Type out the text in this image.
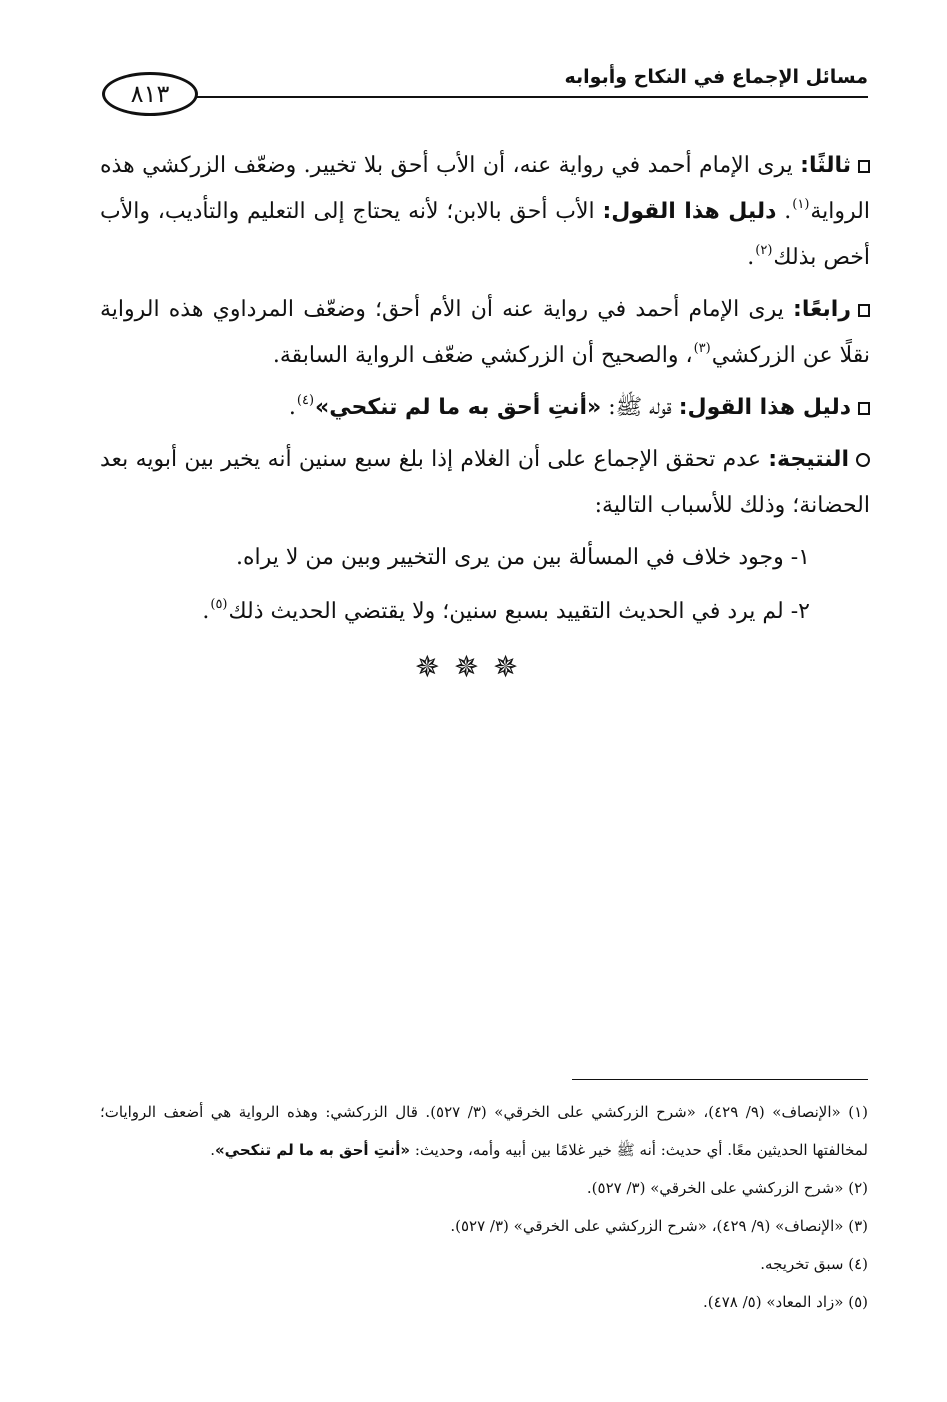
مسائل الإجماع في النكاح وأبوابه
٨١٣

ثالثًا: يرى الإمام أحمد في رواية عنه، أن الأب أحق بلا تخيير. وضعّف الزركشي هذه الرواية$^{(١)}$. دليل هذا القول: الأب أحق بالابن؛ لأنه يحتاج إلى التعليم والتأديب، والأب أخص بذلك$^{(٢)}$.

رابعًا: يرى الإمام أحمد في رواية عنه أن الأم أحق؛ وضعّف المرداوي هذه الرواية نقلًا عن الزركشي$^{(٣)}$، والصحيح أن الزركشي ضعّف الرواية السابقة.

دليل هذا القول: قوله ﷺ: «أنتِ أحق به ما لم تنكحي»$^{(٤)}$.

النتيجة: عدم تحقق الإجماع على أن الغلام إذا بلغ سبع سنين أنه يخير بين أبويه بعد الحضانة؛ وذلك للأسباب التالية:

١- وجود خلاف في المسألة بين من يرى التخيير وبين من لا يراه.

٢- لم يرد في الحديث التقييد بسبع سنين؛ ولا يقتضي الحديث ذلك$^{(٥)}$.

✵✵✵

(١) «الإنصاف» (٩/ ٤٢٩)، «شرح الزركشي على الخرقي» (٣/ ٥٢٧). قال الزركشي: وهذه الرواية هي أضعف الروايات؛ لمخالفتها الحديثين معًا. أي حديث: أنه ﷺ خير غلامًا بين أبيه وأمه، وحديث: «أنتِ أحق به ما لم تنكحي».

(٢) «شرح الزركشي على الخرقي» (٣/ ٥٢٧).

(٣) «الإنصاف» (٩/ ٤٢٩)، «شرح الزركشي على الخرقي» (٣/ ٥٢٧).

(٤) سبق تخريجه.

(٥) «زاد المعاد» (٥/ ٤٧٨).
